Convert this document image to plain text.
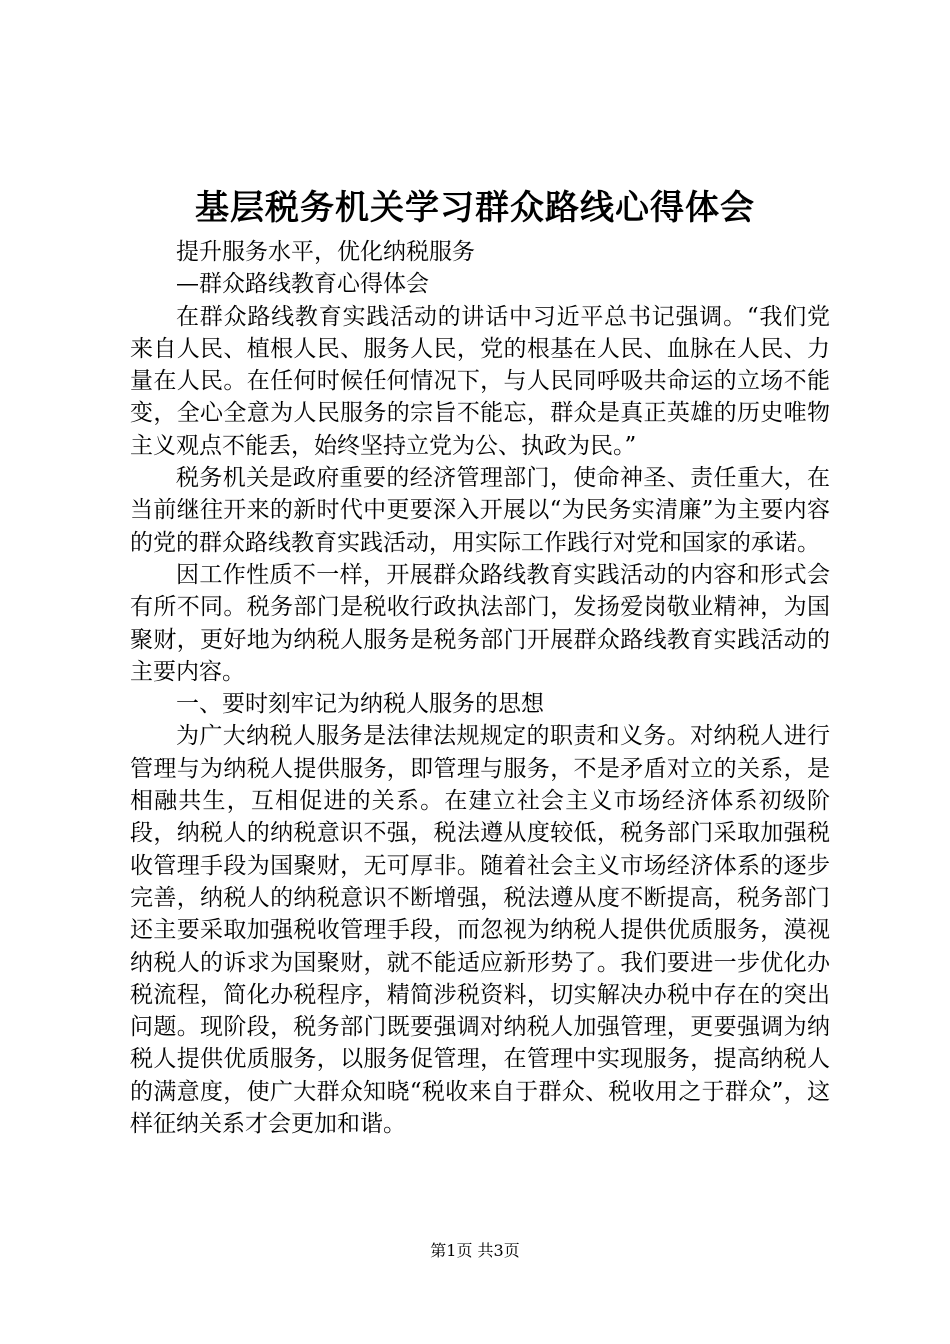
基层税务机关学习群众路线心得体会

提升服务水平，优化纳税服务

—群众路线教育心得体会

在群众路线教育实践活动的讲话中习近平总书记强调。“我们党来自人民、植根人民、服务人民，党的根基在人民、血脉在人民、力量在人民。在任何时候任何情况下，与人民同呼吸共命运的立场不能变，全心全意为人民服务的宗旨不能忘，群众是真正英雄的历史唯物主义观点不能丢，始终坚持立党为公、执政为民。”

税务机关是政府重要的经济管理部门，使命神圣、责任重大，在当前继往开来的新时代中更要深入开展以“为民务实清廉”为主要内容的党的群众路线教育实践活动，用实际工作践行对党和国家的承诺。

因工作性质不一样，开展群众路线教育实践活动的内容和形式会有所不同。税务部门是税收行政执法部门，发扬爱岗敬业精神，为国聚财，更好地为纳税人服务是税务部门开展群众路线教育实践活动的主要内容。

一、要时刻牢记为纳税人服务的思想

为广大纳税人服务是法律法规规定的职责和义务。对纳税人进行管理与为纳税人提供服务，即管理与服务，不是矛盾对立的关系，是相融共生，互相促进的关系。在建立社会主义市场经济体系初级阶段，纳税人的纳税意识不强，税法遵从度较低，税务部门采取加强税收管理手段为国聚财，无可厚非。随着社会主义市场经济体系的逐步完善，纳税人的纳税意识不断增强，税法遵从度不断提高，税务部门还主要采取加强税收管理手段，而忽视为纳税人提供优质服务，漠视纳税人的诉求为国聚财，就不能适应新形势了。我们要进一步优化办税流程，简化办税程序，精简涉税资料，切实解决办税中存在的突出问题。现阶段，税务部门既要强调对纳税人加强管理，更要强调为纳税人提供优质服务，以服务促管理，在管理中实现服务，提高纳税人的满意度，使广大群众知晓“税收来自于群众、税收用之于群众”，这样征纳关系才会更加和谐。

第1页 共3页
